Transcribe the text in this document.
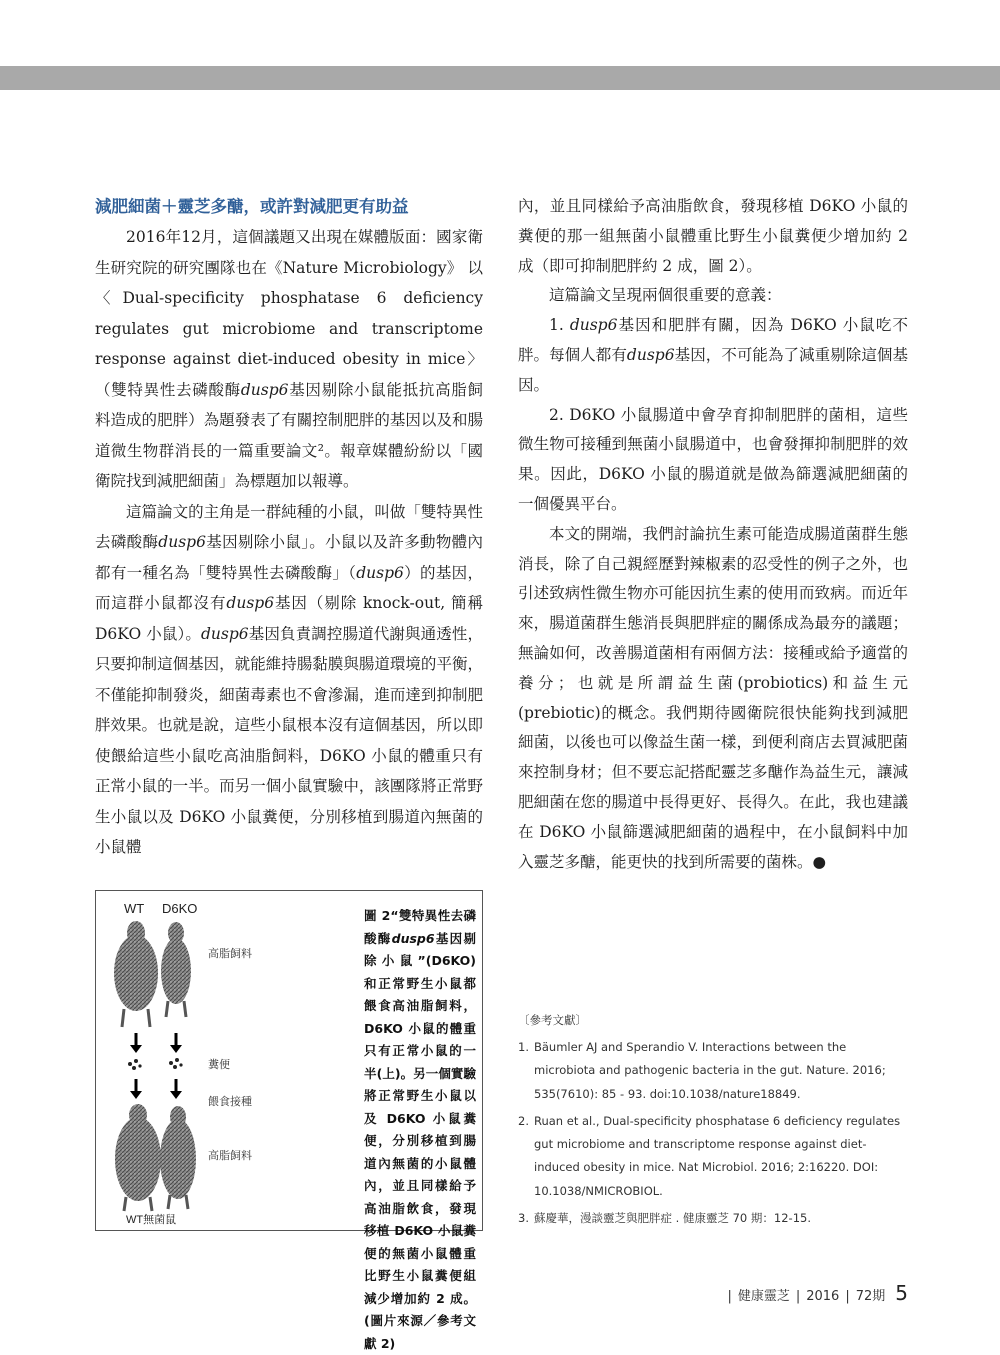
減肥細菌＋靈芝多醣，或許對減肥更有助益

2016年12月，這個議題又出現在媒體版面：國家衛生研究院的研究團隊也在《Nature Microbiology》 以〈Dual-specificity phosphatase 6 deficiency regulates gut microbiome and transcriptome response against diet-induced obesity in mice〉（雙特異性去磷酸酶dusp6基因剔除小鼠能抵抗高脂飼料造成的肥胖）為題發表了有關控制肥胖的基因以及和腸道微生物群消長的一篇重要論文²。報章媒體紛紛以「國衛院找到減肥細菌」為標題加以報導。

這篇論文的主角是一群純種的小鼠，叫做「雙特異性去磷酸酶dusp6基因剔除小鼠」。小鼠以及許多動物體內都有一種名為「雙特異性去磷酸酶」（dusp6）的基因，而這群小鼠都沒有dusp6基因（剔除 knock-out, 簡稱 D6KO 小鼠）。dusp6基因負責調控腸道代謝與通透性，只要抑制這個基因，就能維持腸黏膜與腸道環境的平衡，不僅能抑制發炎，細菌毒素也不會滲漏，進而達到抑制肥胖效果。也就是說，這些小鼠根本沒有這個基因，所以即使餵給這些小鼠吃高油脂飼料，D6KO 小鼠的體重只有正常小鼠的一半。而另一個小鼠實驗中，該團隊將正常野生小鼠以及 D6KO 小鼠糞便，分別移植到腸道內無菌的小鼠體

內，並且同樣給予高油脂飲食，發現移植 D6KO 小鼠的糞便的那一組無菌小鼠體重比野生小鼠糞便少增加約 2 成（即可抑制肥胖約 2 成，圖 2）。

這篇論文呈現兩個很重要的意義：

1. dusp6基因和肥胖有關，因為 D6KO 小鼠吃不胖。每個人都有dusp6基因，不可能為了減重剔除這個基因。

2. D6KO 小鼠腸道中會孕育抑制肥胖的菌相，這些微生物可接種到無菌小鼠腸道中，也會發揮抑制肥胖的效果。因此，D6KO 小鼠的腸道就是做為篩選減肥細菌的一個優異平台。

本文的開端，我們討論抗生素可能造成腸道菌群生態消長，除了自己親經歷對辣椒素的忍受性的例子之外，也引述致病性微生物亦可能因抗生素的使用而致病。而近年來，腸道菌群生態消長與肥胖症的關係成為最夯的議題；無論如何，改善腸道菌相有兩個方法：接種或給予適當的養分；也就是所謂益生菌(probiotics)和益生元(prebiotic)的概念。我們期待國衛院很快能夠找到減肥細菌，以後也可以像益生菌一樣，到便利商店去買減肥菌來控制身材；但不要忘記搭配靈芝多醣作為益生元，讓減肥細菌在您的腸道中長得更好、長得久。在此，我也建議在 D6KO 小鼠篩選減肥細菌的過程中，在小鼠飼料中加入靈芝多醣，能更快的找到所需要的菌株。●

WT D6KO
高脂飼料
糞便
餵食接種
高脂飼料
WT無菌鼠
圖 2“雙特異性去磷酸酶dusp6基因剔除小鼠”(D6KO) 和正常野生小鼠都餵食高油脂飼料，D6KO 小鼠的體重只有正常小鼠的一半(上)。另一個實驗將正常野生小鼠以及 D6KO 小鼠糞便，分別移植到腸道內無菌的小鼠體內，並且同樣給予高油脂飲食，發現移植 D6KO 小鼠糞便的無菌小鼠體重比野生小鼠糞便組減少增加約 2 成。(圖片來源／參考文獻 2)
〔參考文獻〕
1. Bäumler AJ and Sperandio V. Interactions between the microbiota and pathogenic bacteria in the gut. Nature. 2016; 535(7610): 85 - 93. doi:10.1038/nature18849.
2. Ruan et al., Dual-specificity phosphatase 6 deficiency regulates gut microbiome and transcriptome response against diet-induced obesity in mice. Nat Microbiol. 2016; 2:16220. DOI: 10.1038/NMICROBIOL.
3. 蘇慶華，漫談靈芝與肥胖症 . 健康靈芝 70 期：12-15.
| 健康靈芝 | 2016 | 72期 5
